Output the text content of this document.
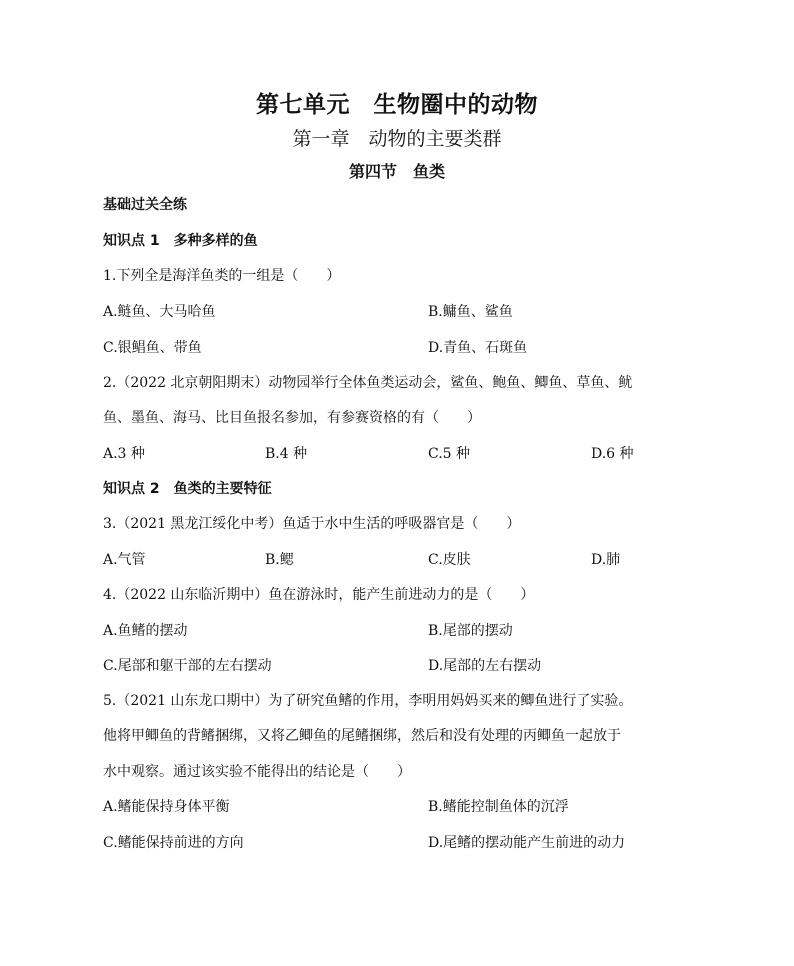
第七单元　生物圈中的动物
第一章　动物的主要类群
第四节　鱼类
基础过关全练
知识点 1　多种多样的鱼
1.下列全是海洋鱼类的一组是（　　）
A.鲢鱼、大马哈鱼	B.鳙鱼、鲨鱼
C.银鲳鱼、带鱼	D.青鱼、石斑鱼
2.（2022 北京朝阳期末）动物园举行全体鱼类运动会，鲨鱼、鲍鱼、鲫鱼、草鱼、鱿
鱼、墨鱼、海马、比目鱼报名参加，有参赛资格的有（　　）
A.3 种	B.4 种	C.5 种	D.6 种
知识点 2　鱼类的主要特征
3.（2021 黑龙江绥化中考）鱼适于水中生活的呼吸器官是（　　）
A.气管	B.鳃	C.皮肤	D.肺
4.（2022 山东临沂期中）鱼在游泳时，能产生前进动力的是（　　）
A.鱼鳍的摆动	B.尾部的摆动
C.尾部和躯干部的左右摆动	D.尾部的左右摆动
5.（2021 山东龙口期中）为了研究鱼鳍的作用，李明用妈妈买来的鲫鱼进行了实验。
他将甲鲫鱼的背鳍捆绑，又将乙鲫鱼的尾鳍捆绑，然后和没有处理的丙鲫鱼一起放于
水中观察。通过该实验不能得出的结论是（　　）
A.鳍能保持身体平衡	B.鳍能控制鱼体的沉浮
C.鳍能保持前进的方向	D.尾鳍的摆动能产生前进的动力
